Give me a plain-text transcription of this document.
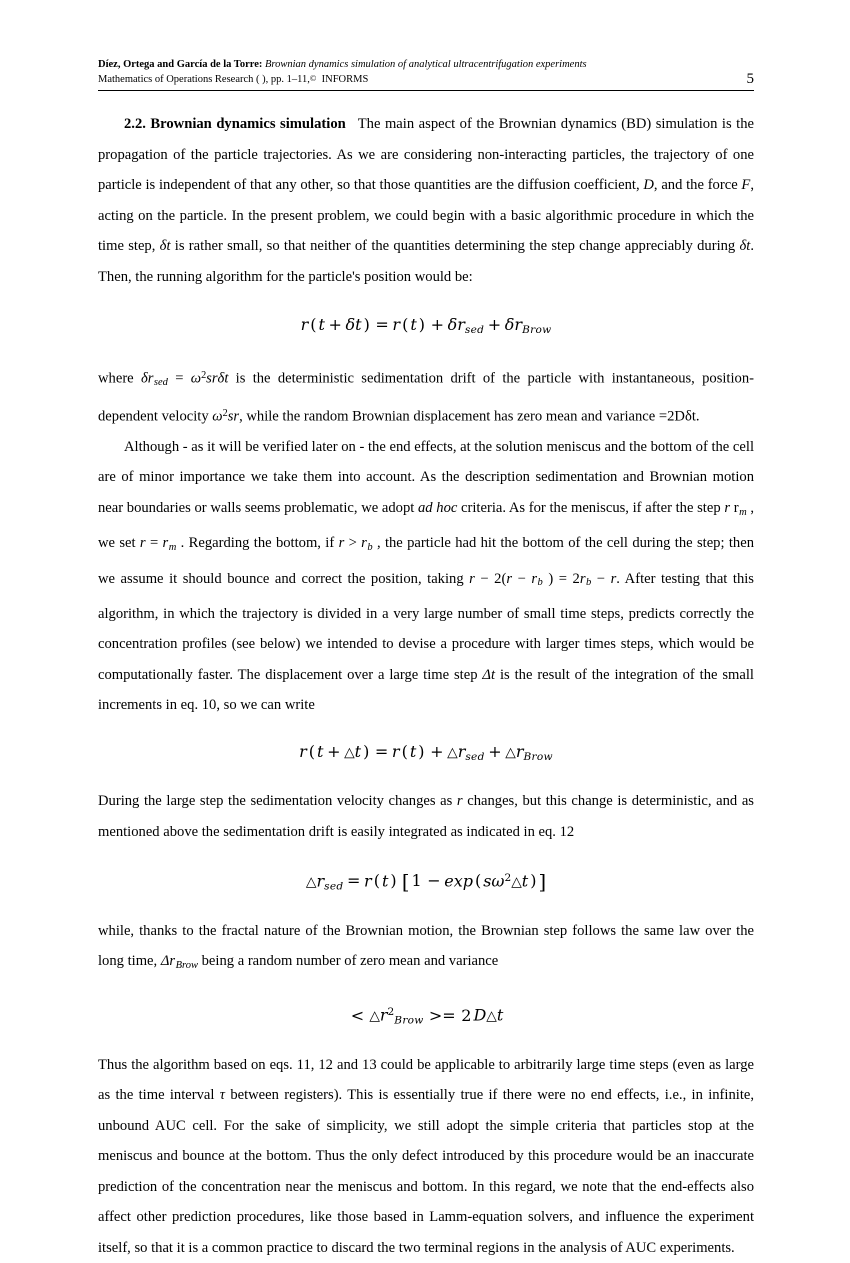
Díez, Ortega and García de la Torre: Brownian dynamics simulation of analytical ultracentrifugation experiments
Mathematics of Operations Research ( ), pp. 1–11,© INFORMS	5

2.2. Brownian dynamics simulation The main aspect of the Brownian dynamics (BD) simulation is the propagation of the particle trajectories. As we are considering non-interacting particles, the trajectory of one particle is independent of that any other, so that those quantities are the diffusion coefficient, D, and the force F, acting on the particle. In the present problem, we could begin with a basic algorithmic procedure in which the time step, δt is rather small, so that neither of the quantities determining the step change appreciably during δt. Then, the running algorithm for the particle's position would be:

r ( t + δt ) = r ( t ) + $\delta r_{sed}$ + $\delta r_{Brow}$

where $\delta r_{sed} = \omega^2sr\delta t$ is the deterministic sedimentation drift of the particle with instantaneous, position-dependent velocity $\omega^2sr$, while the random Brownian displacement has zero mean and variance =2Dδt.

Although - as it will be verified later on - the end effects, at the solution meniscus and the bottom of the cell are of minor importance we take them into account. As the description sedimentation and Brownian motion near boundaries or walls seems problematic, we adopt ad hoc criteria. As for the meniscus, if after the step r $r_m$ , we set $r = r_m$ . Regarding the bottom, if $r > r_b$ , the particle had hit the bottom of the cell during the step; then we assume it should bounce and correct the position, taking $r - 2(r - r_b$ ) = $2r_b - r$. After testing that this algorithm, in which the trajectory is divided in a very large number of small time steps, predicts correctly the concentration profiles (see below) we intended to devise a procedure with larger times steps, which would be computationally faster. The displacement over a large time step Δt is the result of the integration of the small increments in eq. 10, so we can write

r ( t + △t ) = r ( t ) + $\triangle r_{sed}$ + $\triangle r_{Brow}$

During the large step the sedimentation velocity changes as r changes, but this change is deterministic, and as mentioned above the sedimentation drift is easily integrated as indicated in eq. 12

$\triangle r_{sed}$ = r ( t )  [ 1 − exp ( $s\omega^2\triangle t$ ) ]

while, thanks to the fractal nature of the Brownian motion, the Brownian step follows the same law over the long time, $\Delta r_{Brow}$ being a random number of zero mean and variance

<  $\triangle r^2_{Brow}$  >= 2 D△t

Thus the algorithm based on eqs. 11, 12 and 13 could be applicable to arbitrarily large time steps (even as large as the time interval τ between registers). This is essentially true if there were no end effects, i.e., in infinite, unbound AUC cell. For the sake of simplicity, we still adopt the simple criteria that particles stop at the meniscus and bounce at the bottom. Thus the only defect introduced by this procedure would be an inaccurate prediction of the concentration near the meniscus and bottom. In this regard, we note that the end-effects also affect other prediction procedures, like those based in Lamm-equation solvers, and influence the experiment itself, so that it is a common practice to discard the two terminal regions in the analysis of AUC experiments.
